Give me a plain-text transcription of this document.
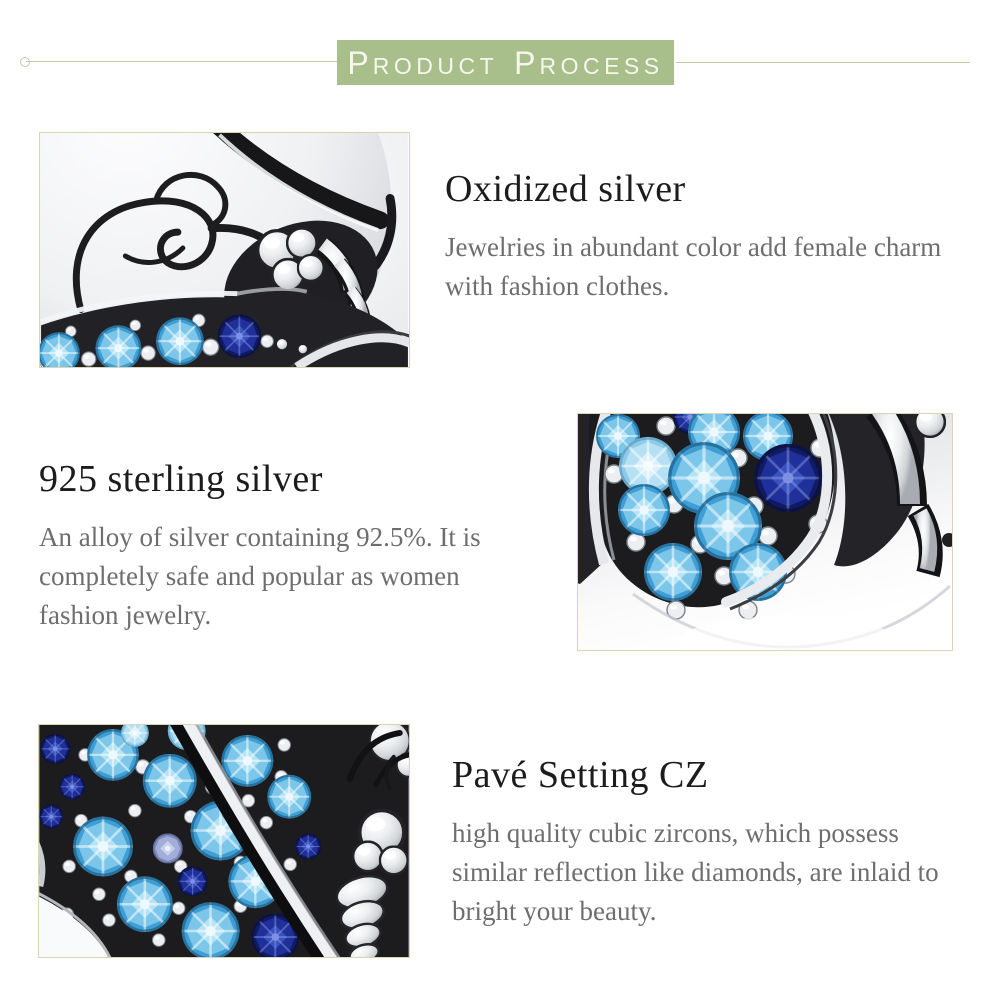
P RODUCT P ROCESS
Oxidized silver

Jewelries in abundant color add female charm with fashion clothes.

925 sterling silver

An alloy of silver containing 92.5%. It is completely safe and popular as women fashion jewelry.

Pavé Setting CZ

high quality cubic zircons, which possess similar reflection like diamonds, are inlaid to bright your beauty.
